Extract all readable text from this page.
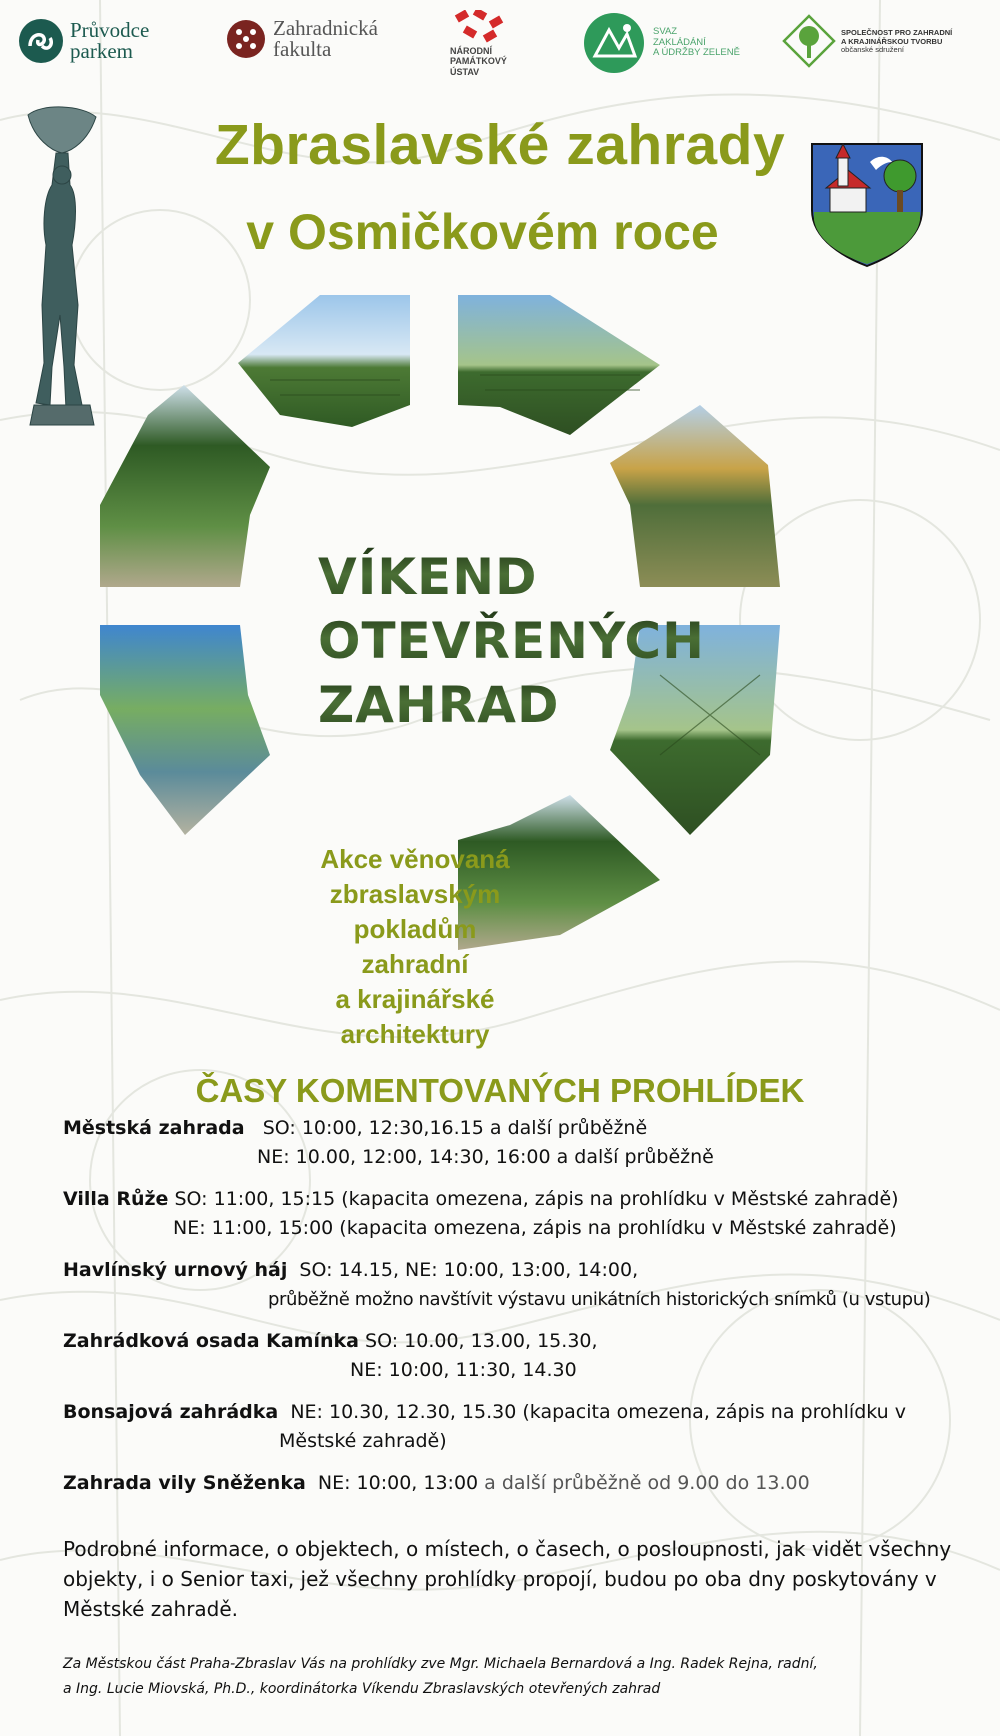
Průvodce
parkem
Zahradnická
fakulta	NÁRODNÍ
PAMÁTKOVÝ
ÚSTAV
SVAZ
ZAKLÁDÁNÍ
A ÚDRŽBY ZELENĚ
SPOLEČNOST PRO ZAHRADNÍ
A KRAJINÁŘSKOU TVORBU
občanské sdružení
Zbraslavské zahrady
v Osmičkovém roce
VÍKEND
OTEVŘENÝCH
ZAHRAD
Akce věnovaná
zbraslavským
pokladům
zahradní
a krajinářské
architektury
ČASY KOMENTOVANÝCH PROHLÍDEK
Městská zahrada SO: 10:00, 12:30,16.15 a další průběžně
NE: 10.00, 12:00, 14:30, 16:00 a další průběžně
Villa Růže SO: 11:00, 15:15 (kapacita omezena, zápis na prohlídku v Městské zahradě)
NE: 11:00, 15:00 (kapacita omezena, zápis na prohlídku v Městské zahradě)
Havlínský urnový háj SO: 14.15, NE: 10:00, 13:00, 14:00,
průběžně možno navštívit výstavu unikátních historických snímků (u vstupu)
Zahrádková osada Kamínka SO: 10.00, 13.00, 15.30,
NE: 10:00, 11:30, 14.30
Bonsajová zahrádka NE: 10.30, 12.30, 15.30 (kapacita omezena, zápis na prohlídku v
Městské zahradě)
Zahrada vily Sněženka NE: 10:00, 13:00 a další průběžně od 9.00 do 13.00
Podrobné informace, o objektech, o místech, o časech, o posloupnosti, jak vidět všechny objekty, i o Senior taxi, jež všechny prohlídky propojí, budou po oba dny poskytovány v Městské zahradě.
Za Městskou část Praha-Zbraslav Vás na prohlídky zve Mgr. Michaela Bernardová a Ing. Radek Rejna, radní,
a Ing. Lucie Miovská, Ph.D., koordinátorka Víkendu Zbraslavských otevřených zahrad
